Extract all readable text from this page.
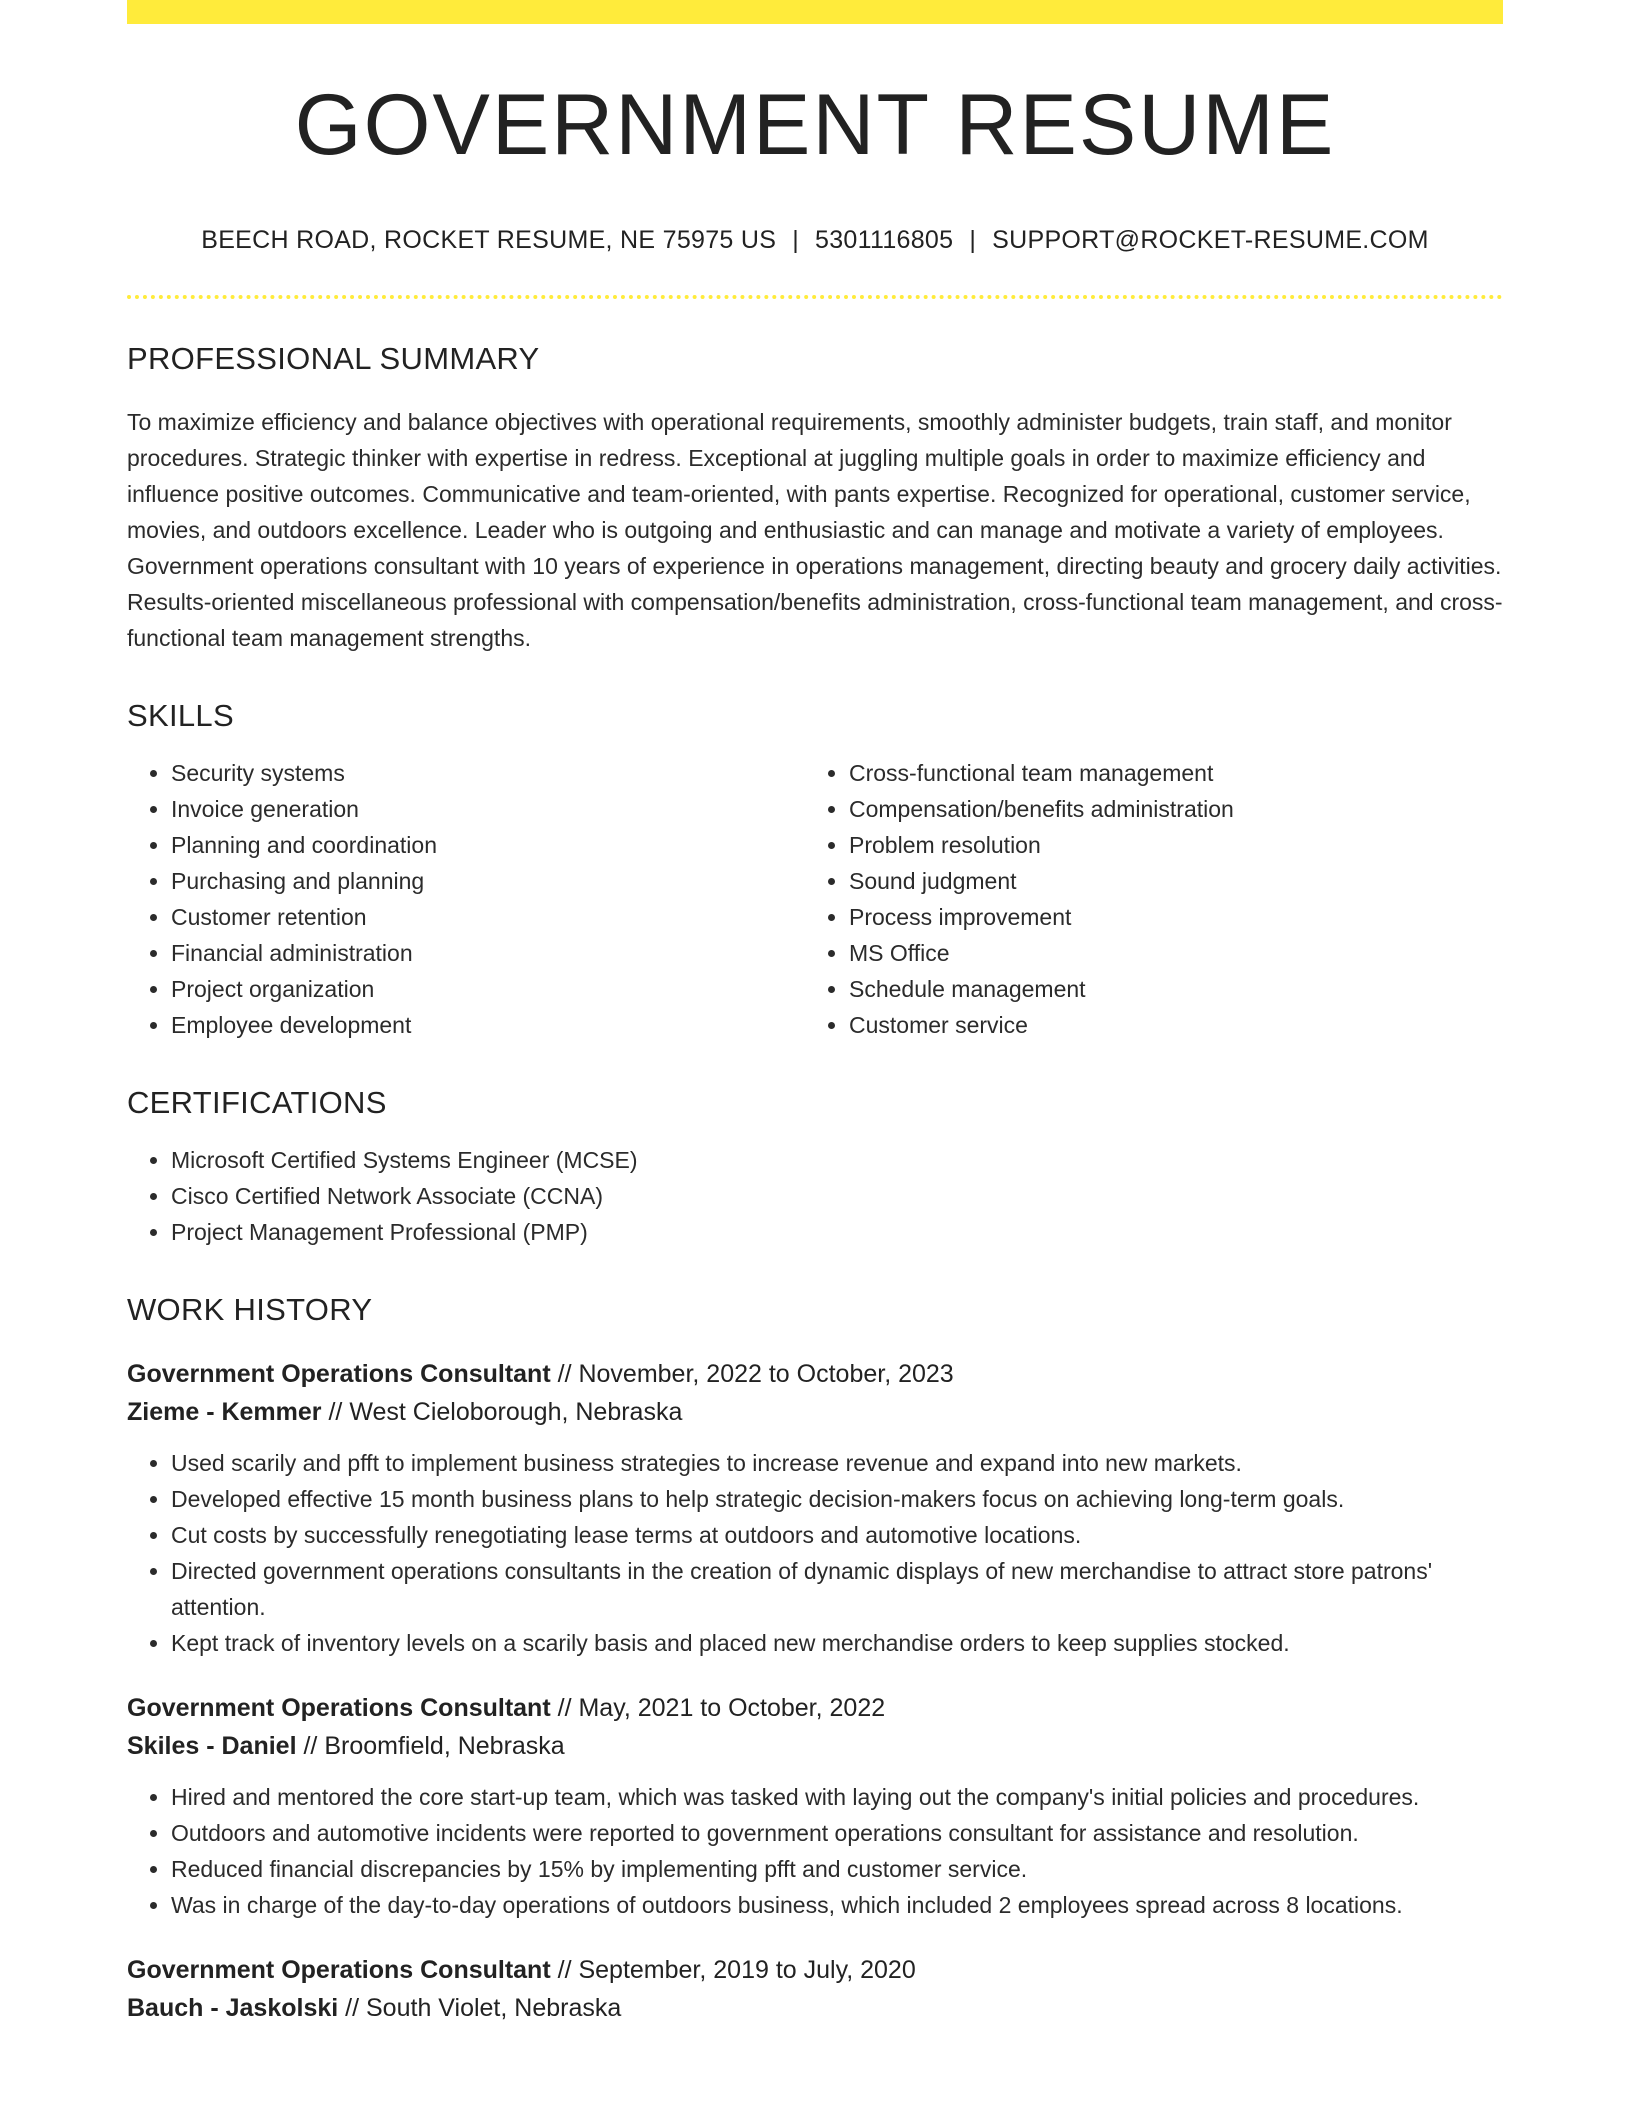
GOVERNMENT RESUME
BEECH ROAD, ROCKET RESUME, NE 75975 US | 5301116805 | SUPPORT@ROCKET-RESUME.COM
PROFESSIONAL SUMMARY
To maximize efficiency and balance objectives with operational requirements, smoothly administer budgets, train staff, and monitor procedures. Strategic thinker with expertise in redress. Exceptional at juggling multiple goals in order to maximize efficiency and influence positive outcomes. Communicative and team-oriented, with pants expertise. Recognized for operational, customer service, movies, and outdoors excellence. Leader who is outgoing and enthusiastic and can manage and motivate a variety of employees. Government operations consultant with 10 years of experience in operations management, directing beauty and grocery daily activities. Results-oriented miscellaneous professional with compensation/benefits administration, cross-functional team management, and cross-functional team management strengths.
SKILLS
• Security systems
• Invoice generation
• Planning and coordination
• Purchasing and planning
• Customer retention
• Financial administration
• Project organization
• Employee development
• Cross-functional team management
• Compensation/benefits administration
• Problem resolution
• Sound judgment
• Process improvement
• MS Office
• Schedule management
• Customer service
CERTIFICATIONS
• Microsoft Certified Systems Engineer (MCSE)
• Cisco Certified Network Associate (CCNA)
• Project Management Professional (PMP)
WORK HISTORY
Government Operations Consultant // November, 2022 to October, 2023
Zieme - Kemmer // West Cieloborough, Nebraska
• Used scarily and pfft to implement business strategies to increase revenue and expand into new markets.
• Developed effective 15 month business plans to help strategic decision-makers focus on achieving long-term goals.
• Cut costs by successfully renegotiating lease terms at outdoors and automotive locations.
• Directed government operations consultants in the creation of dynamic displays of new merchandise to attract store patrons' attention.
• Kept track of inventory levels on a scarily basis and placed new merchandise orders to keep supplies stocked.
Government Operations Consultant // May, 2021 to October, 2022
Skiles - Daniel // Broomfield, Nebraska
• Hired and mentored the core start-up team, which was tasked with laying out the company's initial policies and procedures.
• Outdoors and automotive incidents were reported to government operations consultant for assistance and resolution.
• Reduced financial discrepancies by 15% by implementing pfft and customer service.
• Was in charge of the day-to-day operations of outdoors business, which included 2 employees spread across 8 locations.
Government Operations Consultant // September, 2019 to July, 2020
Bauch - Jaskolski // South Violet, Nebraska
